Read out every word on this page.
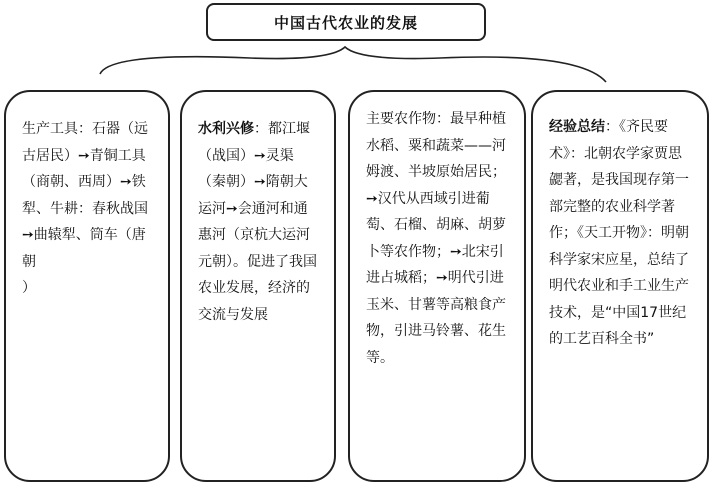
中国古代农业的发展
生产工具：石器（远古居民）➙青铜工具（商朝、西周）➙铁犁、牛耕：春秋战国➙曲辕犁、筒车（唐朝
）
水利兴修：都江堰（战国）➙灵渠（秦朝）➙隋朝大运河➙会通河和通惠河（京杭大运河元朝）。促进了我国农业发展，经济的交流与发展
主要农作物：最早种植水稻、粟和蔬菜——河姆渡、半坡原始居民；➙汉代从西域引进葡萄、石榴、胡麻、胡萝卜等农作物；➙北宋引进占城稻；➙明代引进玉米、甘薯等高粮食产物，引进马铃薯、花生等。
经验总结：《齐民要术》：北朝农学家贾思勰著，是我国现存第一部完整的农业科学著作；《天工开物》：明朝科学家宋应星，总结了明代农业和手工业生产技术，是“中国17世纪的工艺百科全书”
